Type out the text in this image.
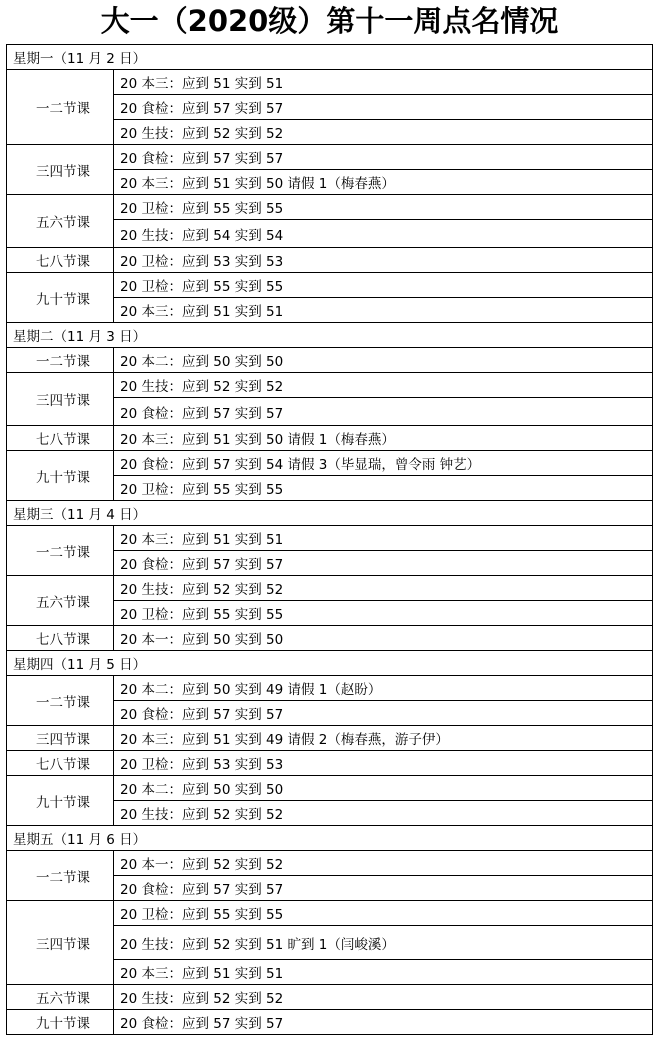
大一（2020级）第十一周点名情况
星期一（11 月 2 日）	
一二节课	20 本三：应到 51 实到 51
	20 食检：应到 57 实到 57
	20 生技：应到 52 实到 52
三四节课	20 食检：应到 57 实到 57
	20 本三：应到 51 实到 50 请假 1（梅春燕）
五六节课	20 卫检：应到 55 实到 55
	20 生技：应到 54 实到 54
七八节课	20 卫检：应到 53 实到 53
九十节课	20 卫检：应到 55 实到 55
	20 本三：应到 51 实到 51
星期二（11 月 3 日）	
一二节课	20 本二：应到 50 实到 50
三四节课	20 生技：应到 52 实到 52
	20 食检：应到 57 实到 57
七八节课	20 本三：应到 51 实到 50 请假 1（梅春燕）
九十节课	20 食检：应到 57 实到 54 请假 3（毕显瑞，曾令雨 钟艺）
	20 卫检：应到 55 实到 55
星期三（11 月 4 日）	
一二节课	20 本三：应到 51 实到 51
	20 食检：应到 57 实到 57
五六节课	20 生技：应到 52 实到 52
	20 卫检：应到 55 实到 55
七八节课	20 本一：应到 50 实到 50
星期四（11 月 5 日）	
一二节课	20 本二：应到 50 实到 49 请假 1（赵盼）
	20 食检：应到 57 实到 57
三四节课	20 本三：应到 51 实到 49 请假 2（梅春燕，游子伊）
七八节课	20 卫检：应到 53 实到 53
九十节课	20 本二：应到 50 实到 50
	20 生技：应到 52 实到 52
星期五（11 月 6 日）	
一二节课	20 本一：应到 52 实到 52
	20 食检：应到 57 实到 57
三四节课	20 卫检：应到 55 实到 55
	20 生技：应到 52 实到 51 旷到 1（闫峻溪）
	20 本三：应到 51 实到 51
五六节课	20 生技：应到 52 实到 52
九十节课	20 食检：应到 57 实到 57
